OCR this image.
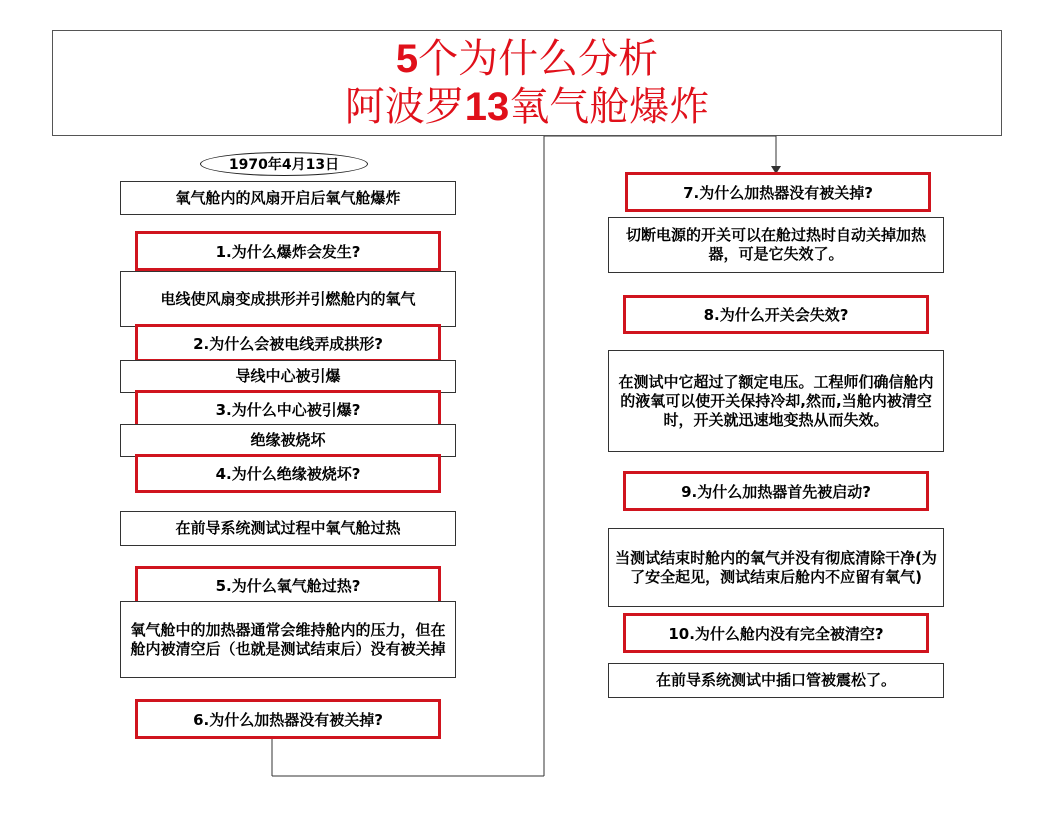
5个为什么分析
阿波罗13氧气舱爆炸
1970年4月13日
氧气舱内的风扇开启后氧气舱爆炸
1.为什么爆炸会发生?
电线使风扇变成拱形并引燃舱内的氧气
2.为什么会被电线弄成拱形?
导线中心被引爆
3.为什么中心被引爆?
绝缘被烧坏
4.为什么绝缘被烧坏?
在前导系统测试过程中氧气舱过热
5.为什么氧气舱过热?
氧气舱中的加热器通常会维持舱内的压力，但在舱内被清空后（也就是测试结束后）没有被关掉
6.为什么加热器没有被关掉?
7.为什么加热器没有被关掉?
切断电源的开关可以在舱过热时自动关掉加热器，可是它失效了。
8.为什么开关会失效?
在测试中它超过了额定电压。工程师们确信舱内的液氧可以使开关保持冷却,然而,当舱内被清空时，开关就迅速地变热从而失效。
9.为什么加热器首先被启动?
当测试结束时舱内的氧气并没有彻底清除干净(为了安全起见，测试结束后舱内不应留有氧气)
10.为什么舱内没有完全被清空?
在前导系统测试中插口管被震松了。
